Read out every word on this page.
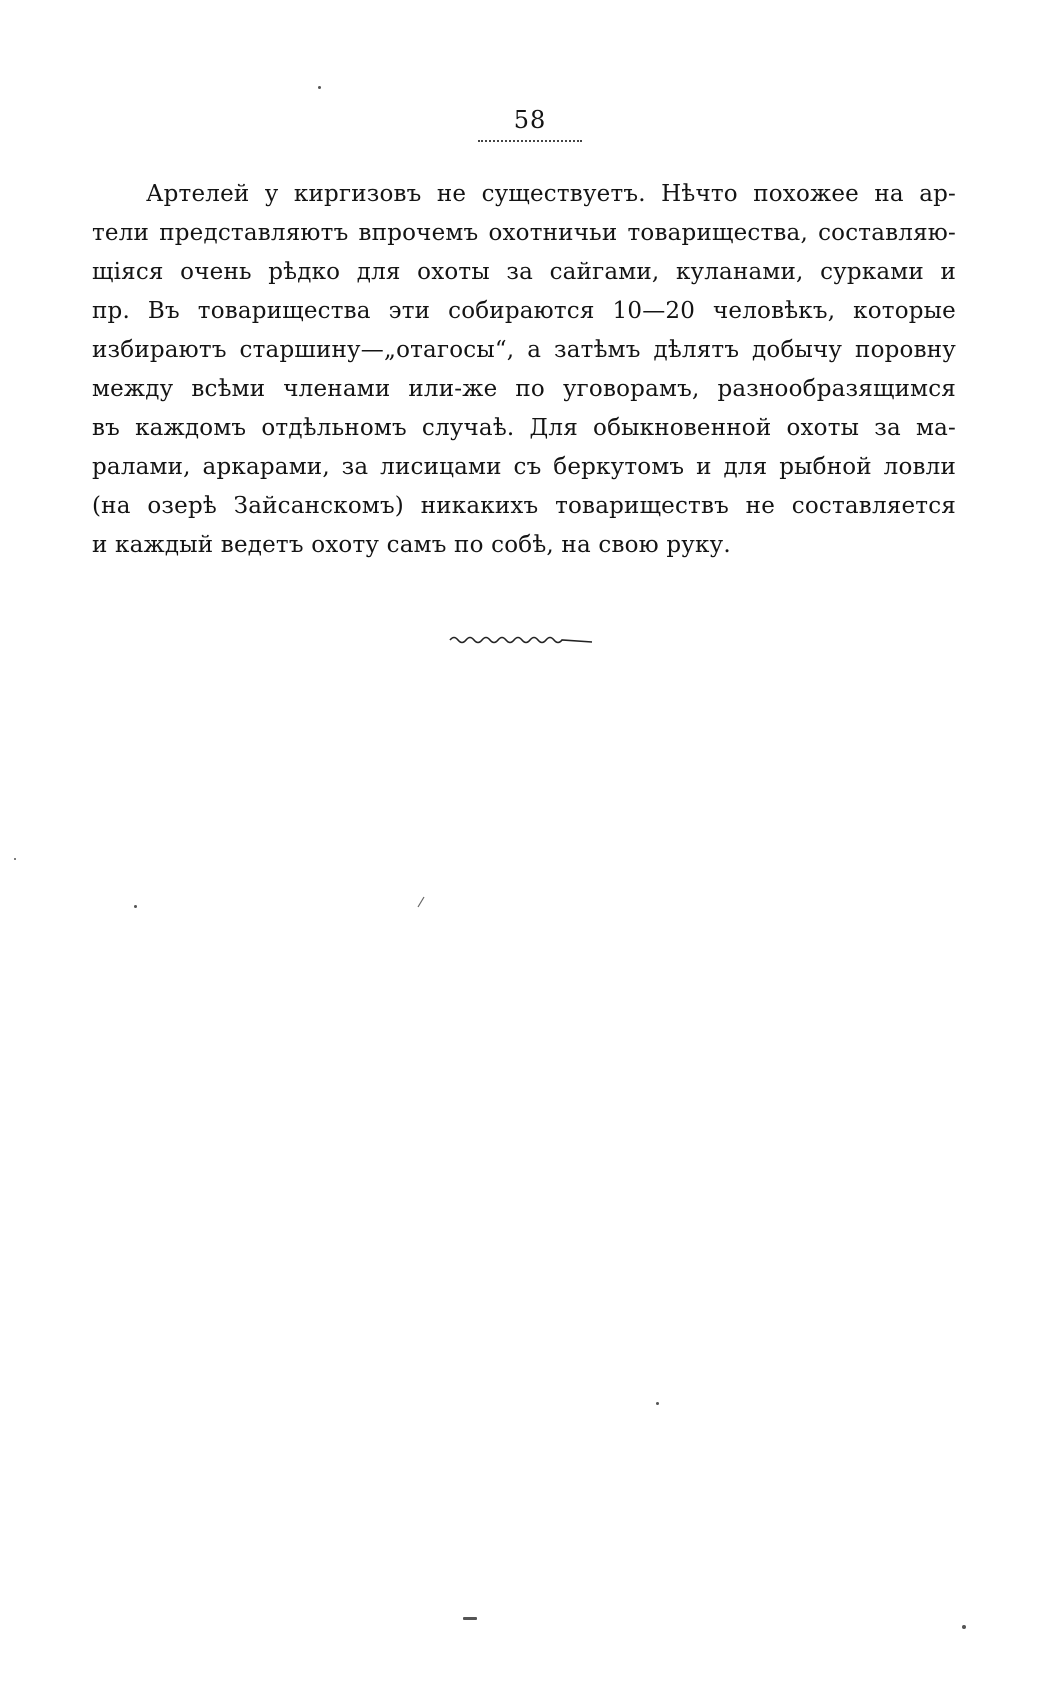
58
Артелей у киргизовъ не существуетъ. Нѣчто похожее на ар-
тели представляютъ впрочемъ охотничьи товарищества, составляю-
щіяся очень рѣдко для охоты за сайгами, куланами, сурками и
пр. Въ товарищества эти собираются 10—20 человѣкъ, которые
избираютъ старшину—„отагосы“, а затѣмъ дѣлятъ добычу поровну
между всѣми членами или-же по уговорамъ, разнообразящимся
въ каждомъ отдѣльномъ случаѣ. Для обыкновенной охоты за ма-
ралами, аркарами, за лисицами съ беркутомъ и для рыбной ловли
(на озерѣ Зайсанскомъ) никакихъ товариществъ не составляется
и каждый ведетъ охоту самъ по собѣ, на свою руку.
